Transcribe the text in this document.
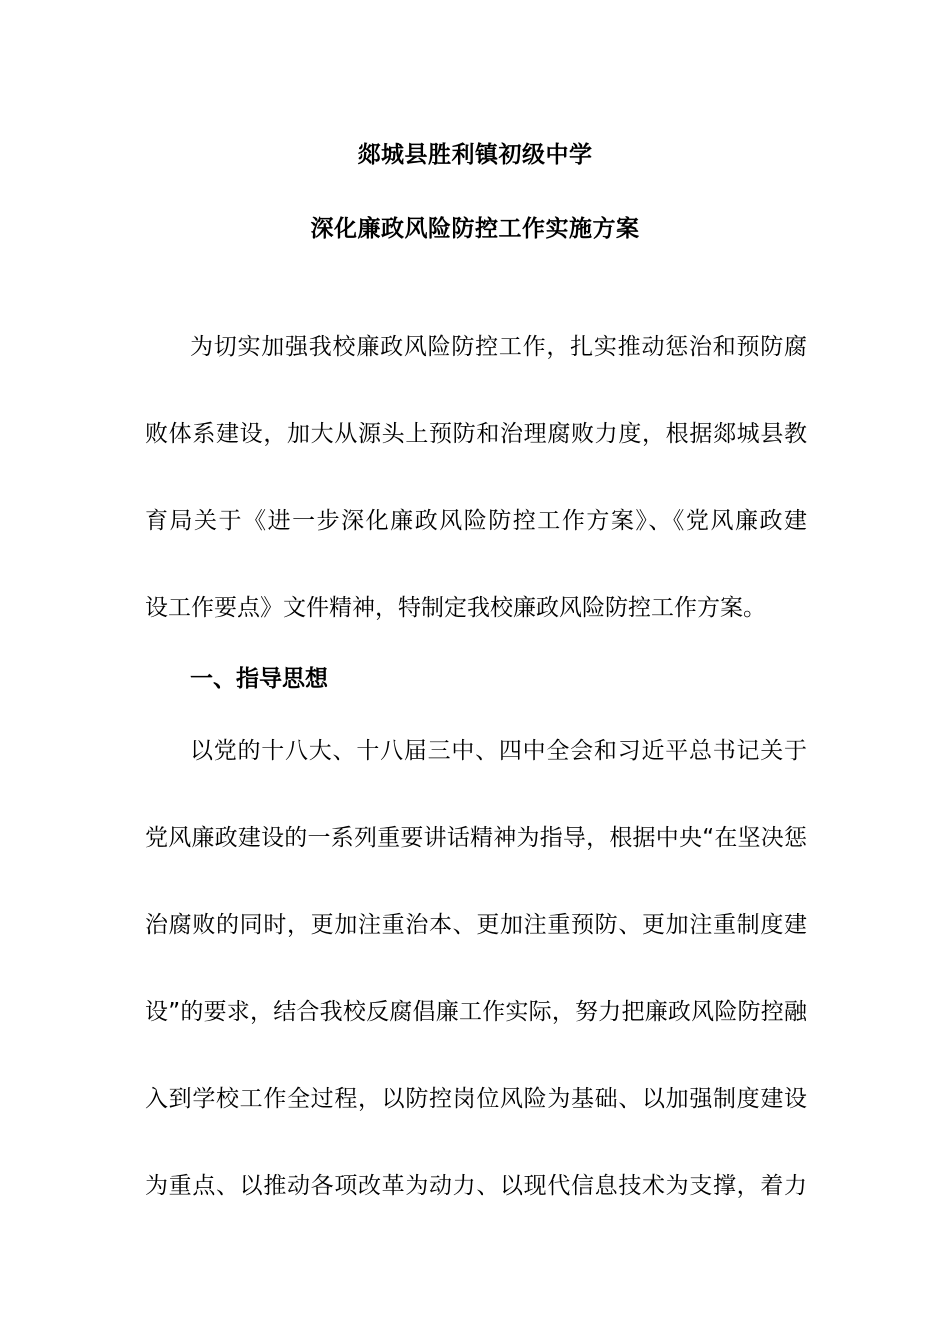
郯城县胜利镇初级中学
深化廉政风险防控工作实施方案
为切实加强我校廉政风险防控工作，扎实推动惩治和预防腐
败体系建设，加大从源头上预防和治理腐败力度，根据郯城县教
育局关于《进一步深化廉政风险防控工作方案》、《党风廉政建
设工作要点》文件精神，特制定我校廉政风险防控工作方案。
一、指导思想
以党的十八大、十八届三中、四中全会和习近平总书记关于
党风廉政建设的一系列重要讲话精神为指导，根据中央“在坚决惩
治腐败的同时，更加注重治本、更加注重预防、更加注重制度建
设”的要求，结合我校反腐倡廉工作实际，努力把廉政风险防控融
入到学校工作全过程，以防控岗位风险为基础、以加强制度建设
为重点、以推动各项改革为动力、以现代信息技术为支撑，着力
